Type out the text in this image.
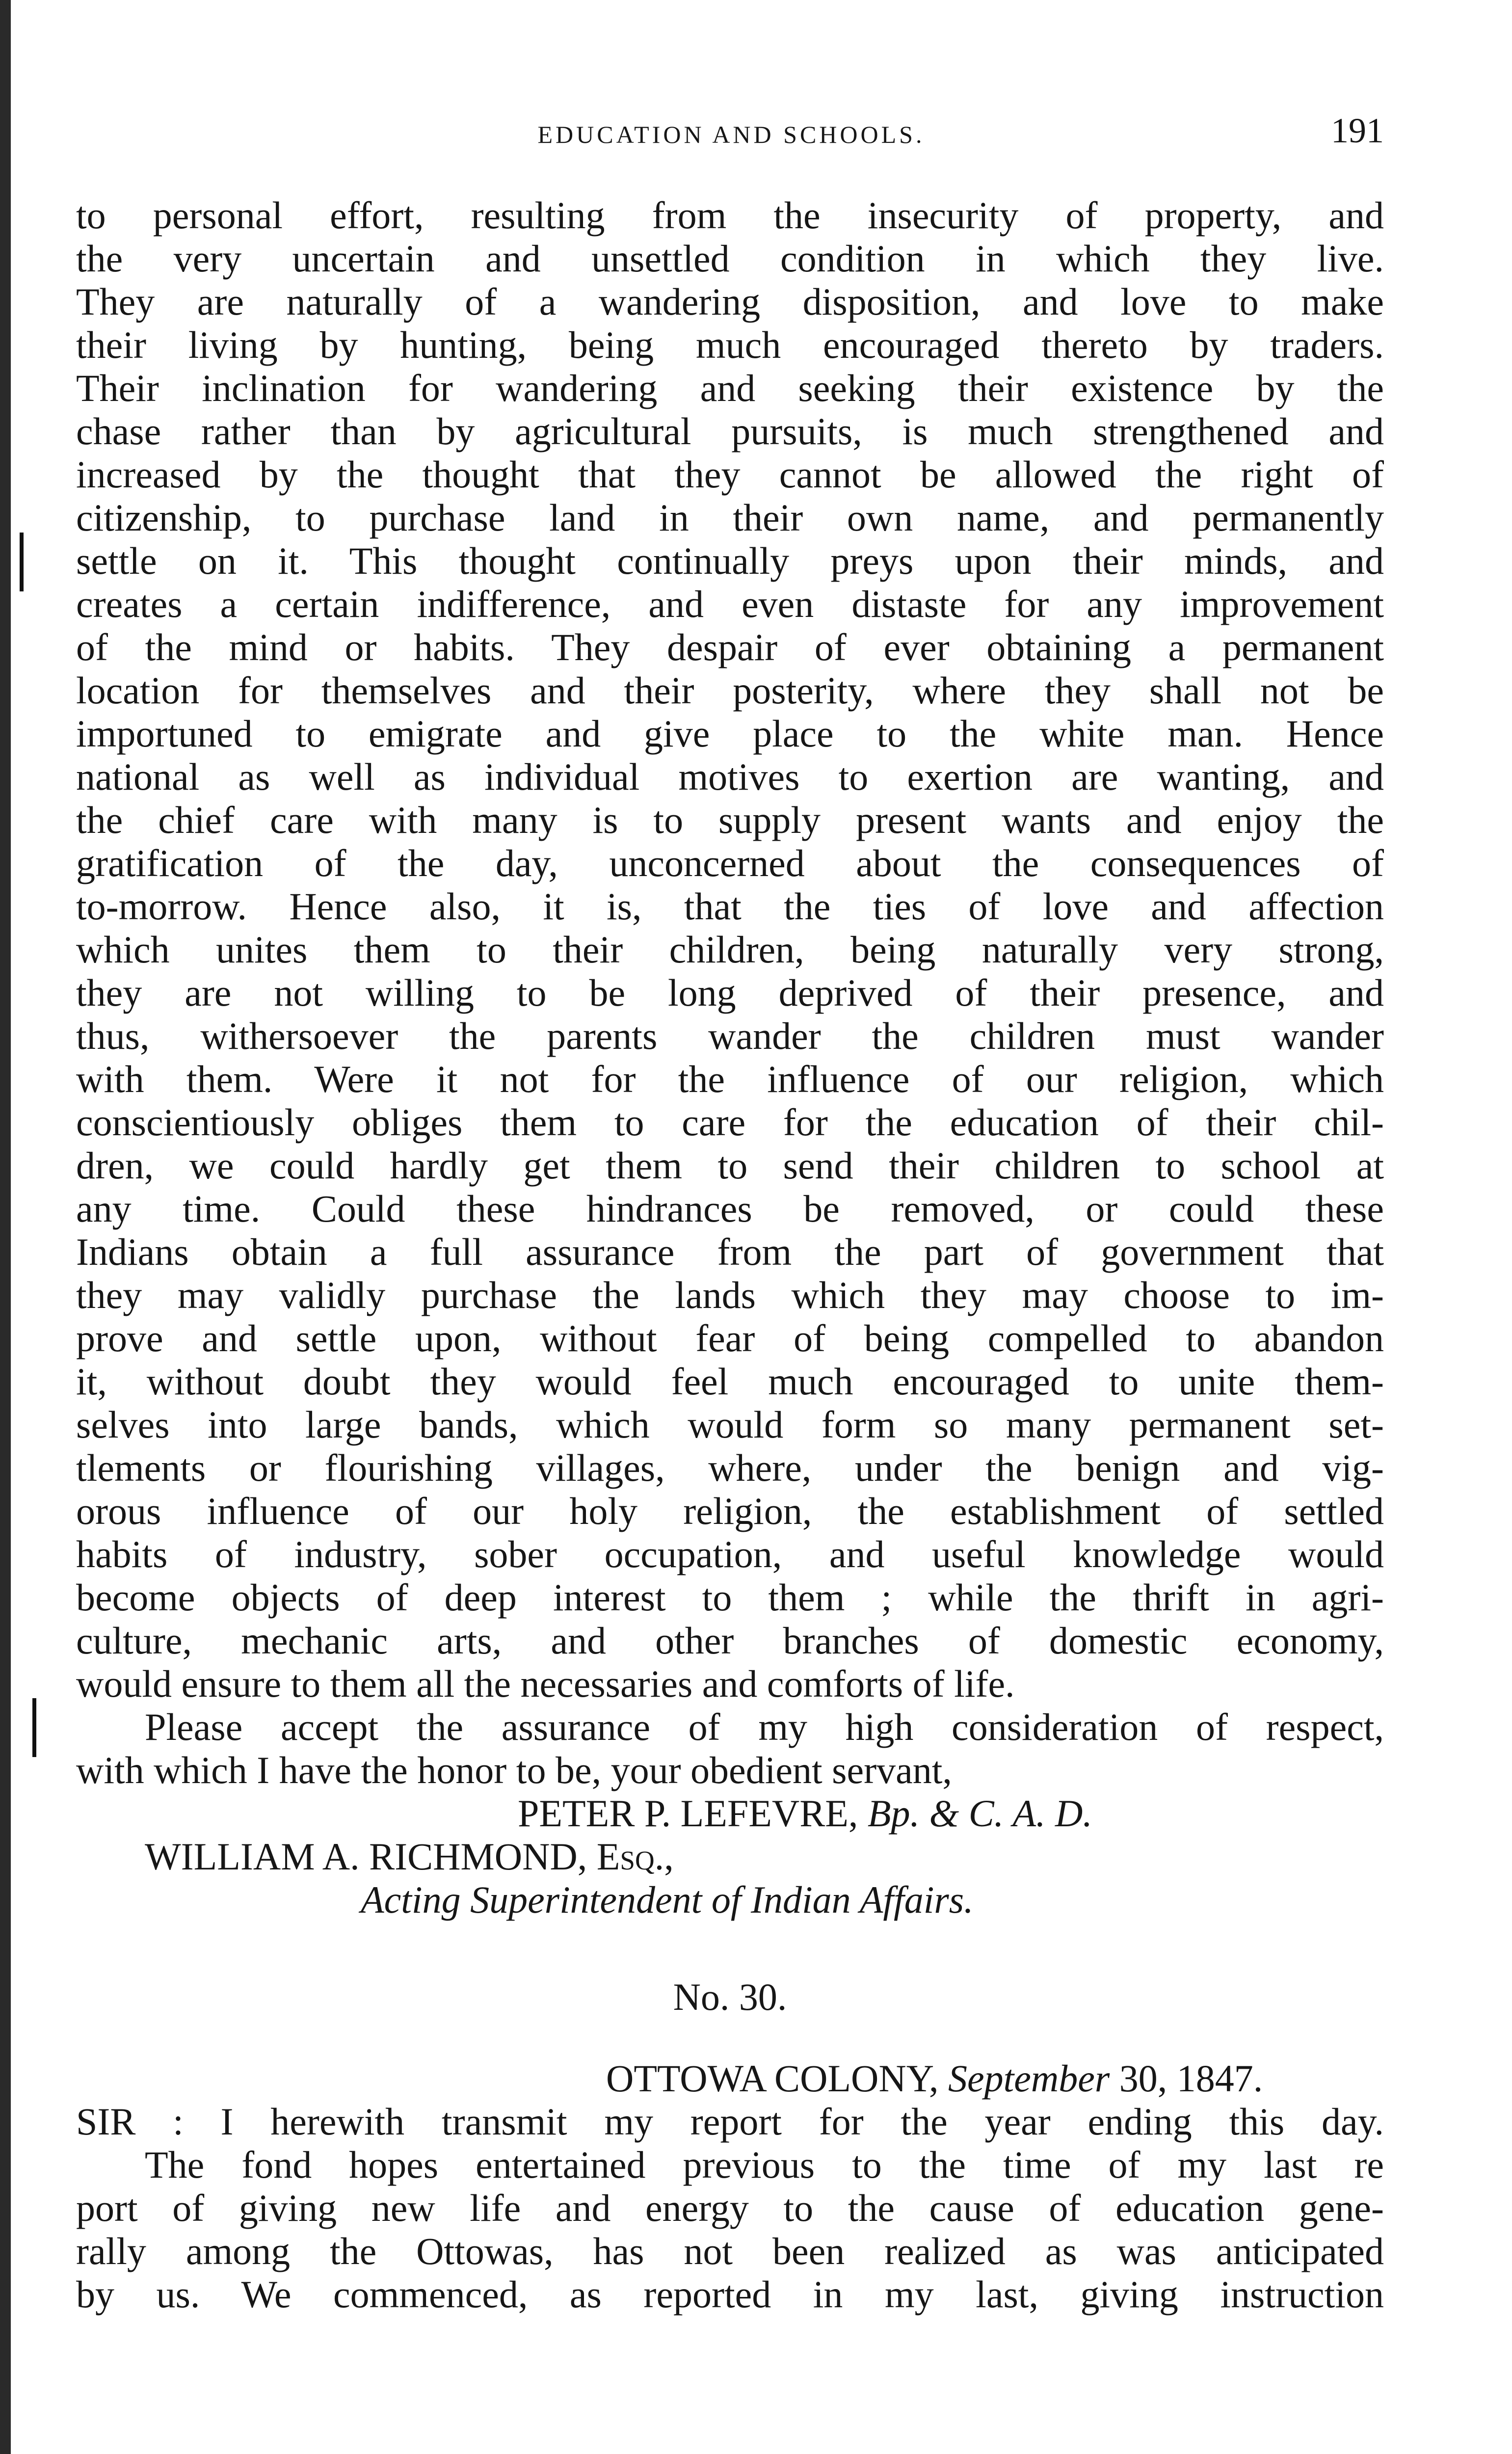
EDUCATION AND SCHOOLS.	191
to personal effort, resulting from the insecurity of property, and
the very uncertain and unsettled condition in which they live.
They are naturally of a wandering disposition, and love to make
their living by hunting, being much encouraged thereto by traders.
Their inclination for wandering and seeking their existence by the
chase rather than by agricultural pursuits, is much strengthened and
increased by the thought that they cannot be allowed the right of
citizenship, to purchase land in their own name, and permanently
settle on it. This thought continually preys upon their minds, and
creates a certain indifference, and even distaste for any improvement
of the mind or habits. They despair of ever obtaining a permanent
location for themselves and their posterity, where they shall not be
importuned to emigrate and give place to the white man. Hence
national as well as individual motives to exertion are wanting, and
the chief care with many is to supply present wants and enjoy the
gratification of the day, unconcerned about the consequences of
to-morrow. Hence also, it is, that the ties of love and affection
which unites them to their children, being naturally very strong,
they are not willing to be long deprived of their presence, and
thus, withersoever the parents wander the children must wander
with them. Were it not for the influence of our religion, which
conscientiously obliges them to care for the education of their chil-
dren, we could hardly get them to send their children to school at
any time. Could these hindrances be removed, or could these
Indians obtain a full assurance from the part of government that
they may validly purchase the lands which they may choose to im-
prove and settle upon, without fear of being compelled to abandon
it, without doubt they would feel much encouraged to unite them-
selves into large bands, which would form so many permanent set-
tlements or flourishing villages, where, under the benign and vig-
orous influence of our holy religion, the establishment of settled
habits of industry, sober occupation, and useful knowledge would
become objects of deep interest to them ; while the thrift in agri-
culture, mechanic arts, and other branches of domestic economy,
would ensure to them all the necessaries and comforts of life.
Please accept the assurance of my high consideration of respect,
with which I have the honor to be, your obedient servant,
PETER P. LEFEVRE, Bp. & C. A. D.
WILLIAM A. RICHMOND, Esq.,
Acting Superintendent of Indian Affairs.
No. 30.
OTTOWA COLONY, September 30, 1847.
SIR : I herewith transmit my report for the year ending this day.
The fond hopes entertained previous to the time of my last re
port of giving new life and energy to the cause of education gene-
rally among the Ottowas, has not been realized as was anticipated
by us. We commenced, as reported in my last, giving instruction
